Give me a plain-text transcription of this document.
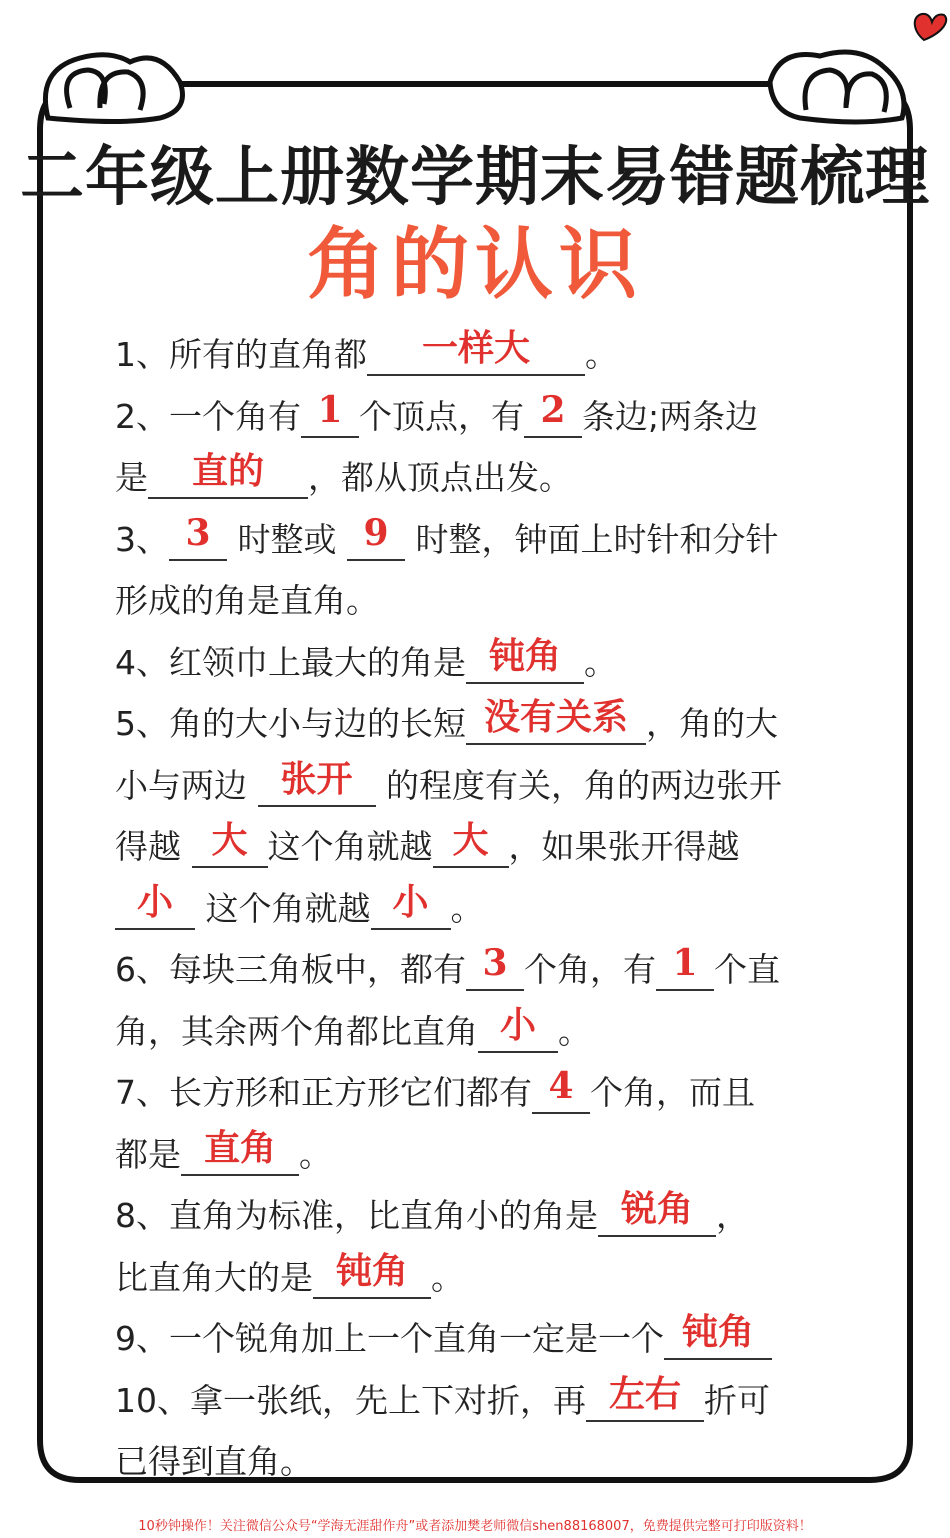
二年级上册数学期末易错题梳理
角的认识
1、所有的直角都 一样大 。
2、一个角有 1 个顶点，有 2 条边;两条边
是 直的 ，都从顶点出发。
3、 3 时整或 9 时整，钟面上时针和分针
形成的角是直角。
4、红领巾上最大的角是 钝角 。
5、角的大小与边的长短 没有关系 ，角的大
小与两边 张开 的程度有关，角的两边张开
得越 大 这个角就越 大 ，如果张开得越
小 这个角就越 小 。
6、每块三角板中，都有 3 个角，有 1 个直
角，其余两个角都比直角 小 。
7、长方形和正方形它们都有 4 个角，而且
都是 直角 。
8、直角为标准，比直角小的角是 锐角 ，
比直角大的是 钝角 。
9、一个锐角加上一个直角一定是一个 钝角
10、拿一张纸，先上下对折，再 左右 折可
已得到直角。
10秒钟操作！关注微信公众号“学海无涯甜作舟”或者添加樊老师微信shen88168007，免费提供完整可打印版资料！
